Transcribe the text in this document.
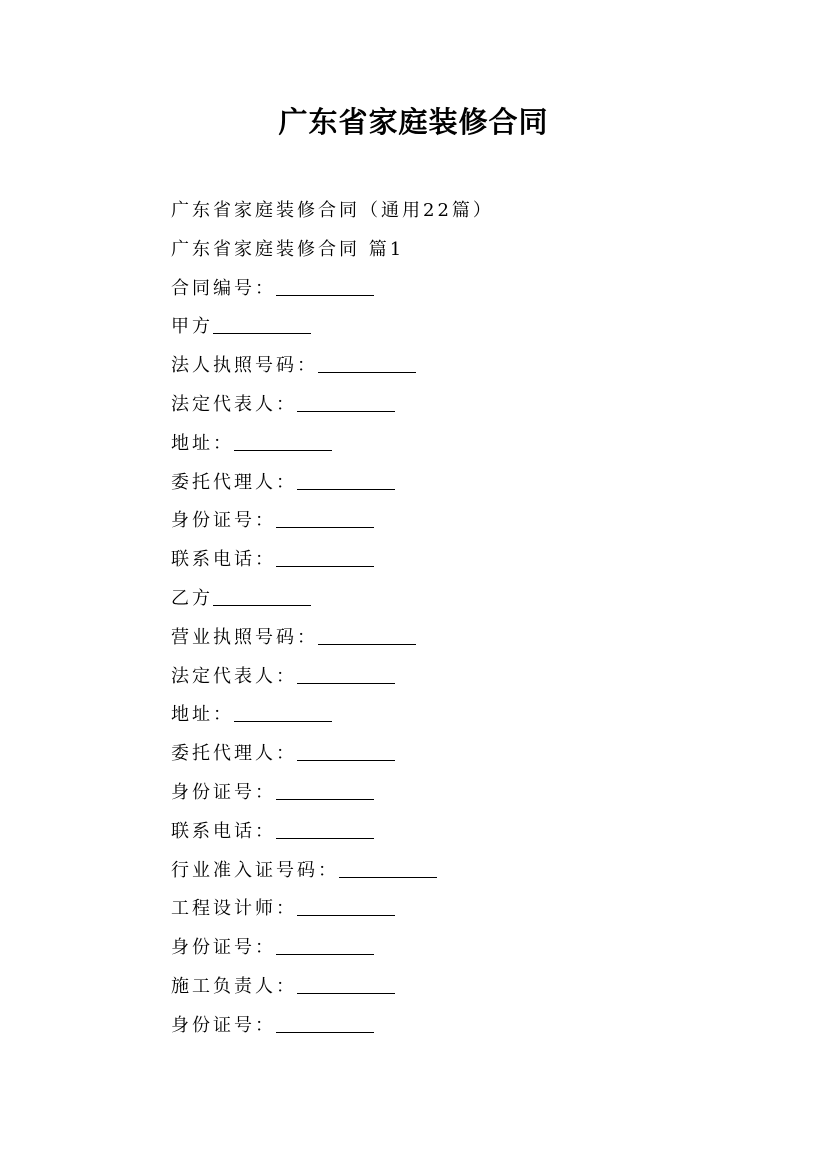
广东省家庭装修合同
广东省家庭装修合同（通用22篇）
广东省家庭装修合同 篇1
合同编号：
甲方
法人执照号码：
法定代表人：
地址：
委托代理人：
身份证号：
联系电话：
乙方
营业执照号码：
法定代表人：
地址：
委托代理人：
身份证号：
联系电话：
行业准入证号码：
工程设计师：
身份证号：
施工负责人：
身份证号：
